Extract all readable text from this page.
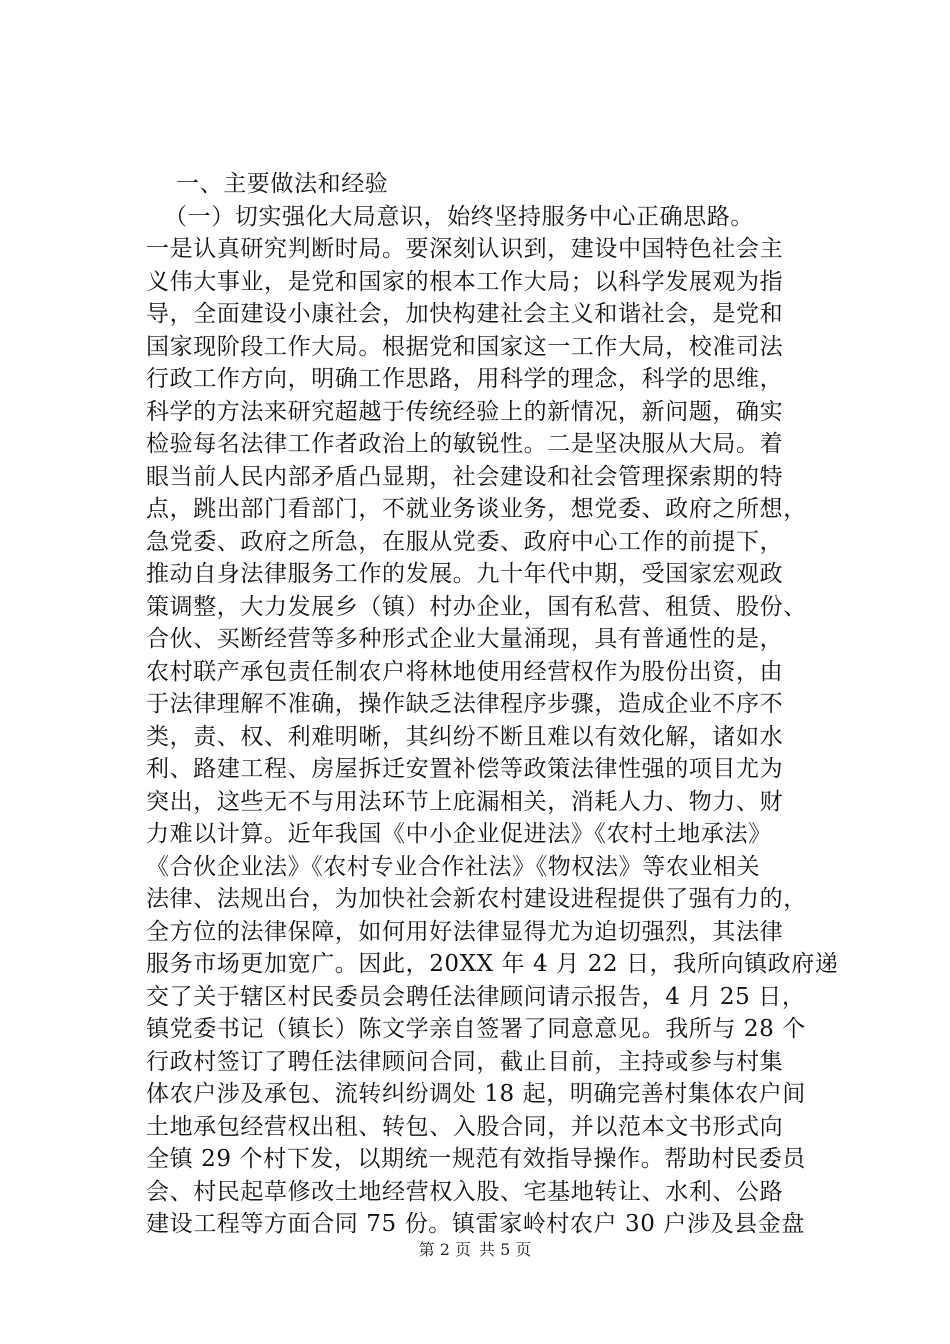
一、主要做法和经验
（一）切实强化大局意识，始终坚持服务中心正确思路。
一是认真研究判断时局。要深刻认识到，建设中国特色社会主
义伟大事业，是党和国家的根本工作大局；以科学发展观为指
导，全面建设小康社会，加快构建社会主义和谐社会，是党和
国家现阶段工作大局。根据党和国家这一工作大局，校准司法
行政工作方向，明确工作思路，用科学的理念，科学的思维，
科学的方法来研究超越于传统经验上的新情况，新问题，确实
检验每名法律工作者政治上的敏锐性。二是坚决服从大局。着
眼当前人民内部矛盾凸显期，社会建设和社会管理探索期的特
点，跳出部门看部门，不就业务谈业务，想党委、政府之所想，
急党委、政府之所急，在服从党委、政府中心工作的前提下，
推动自身法律服务工作的发展。九十年代中期，受国家宏观政
策调整，大力发展乡（镇）村办企业，国有私营、租赁、股份、
合伙、买断经营等多种形式企业大量涌现，具有普通性的是，
农村联产承包责任制农户将林地使用经营权作为股份出资，由
于法律理解不准确，操作缺乏法律程序步骤，造成企业不序不
类，责、权、利难明晰，其纠纷不断且难以有效化解，诸如水
利、路建工程、房屋拆迁安置补偿等政策法律性强的项目尤为
突出，这些无不与用法环节上庇漏相关，消耗人力、物力、财
力难以计算。近年我国《中小企业促进法》《农村土地承法》
《合伙企业法》《农村专业合作社法》《物权法》等农业相关
法律、法规出台，为加快社会新农村建设进程提供了强有力的，
全方位的法律保障，如何用好法律显得尤为迫切强烈，其法律
服务市场更加宽广。因此，20XX 年 4 月 22 日，我所向镇政府递
交了关于辖区村民委员会聘任法律顾问请示报告，4 月 25 日，
镇党委书记（镇长）陈文学亲自签署了同意意见。我所与 28 个
行政村签订了聘任法律顾问合同，截止目前，主持或参与村集
体农户涉及承包、流转纠纷调处 18 起，明确完善村集体农户间
土地承包经营权出租、转包、入股合同，并以范本文书形式向
全镇 29 个村下发，以期统一规范有效指导操作。帮助村民委员
会、村民起草修改土地经营权入股、宅基地转让、水利、公路
建设工程等方面合同 75 份。镇雷家岭村农户 30 户涉及县金盘
第 2 页 共 5 页
